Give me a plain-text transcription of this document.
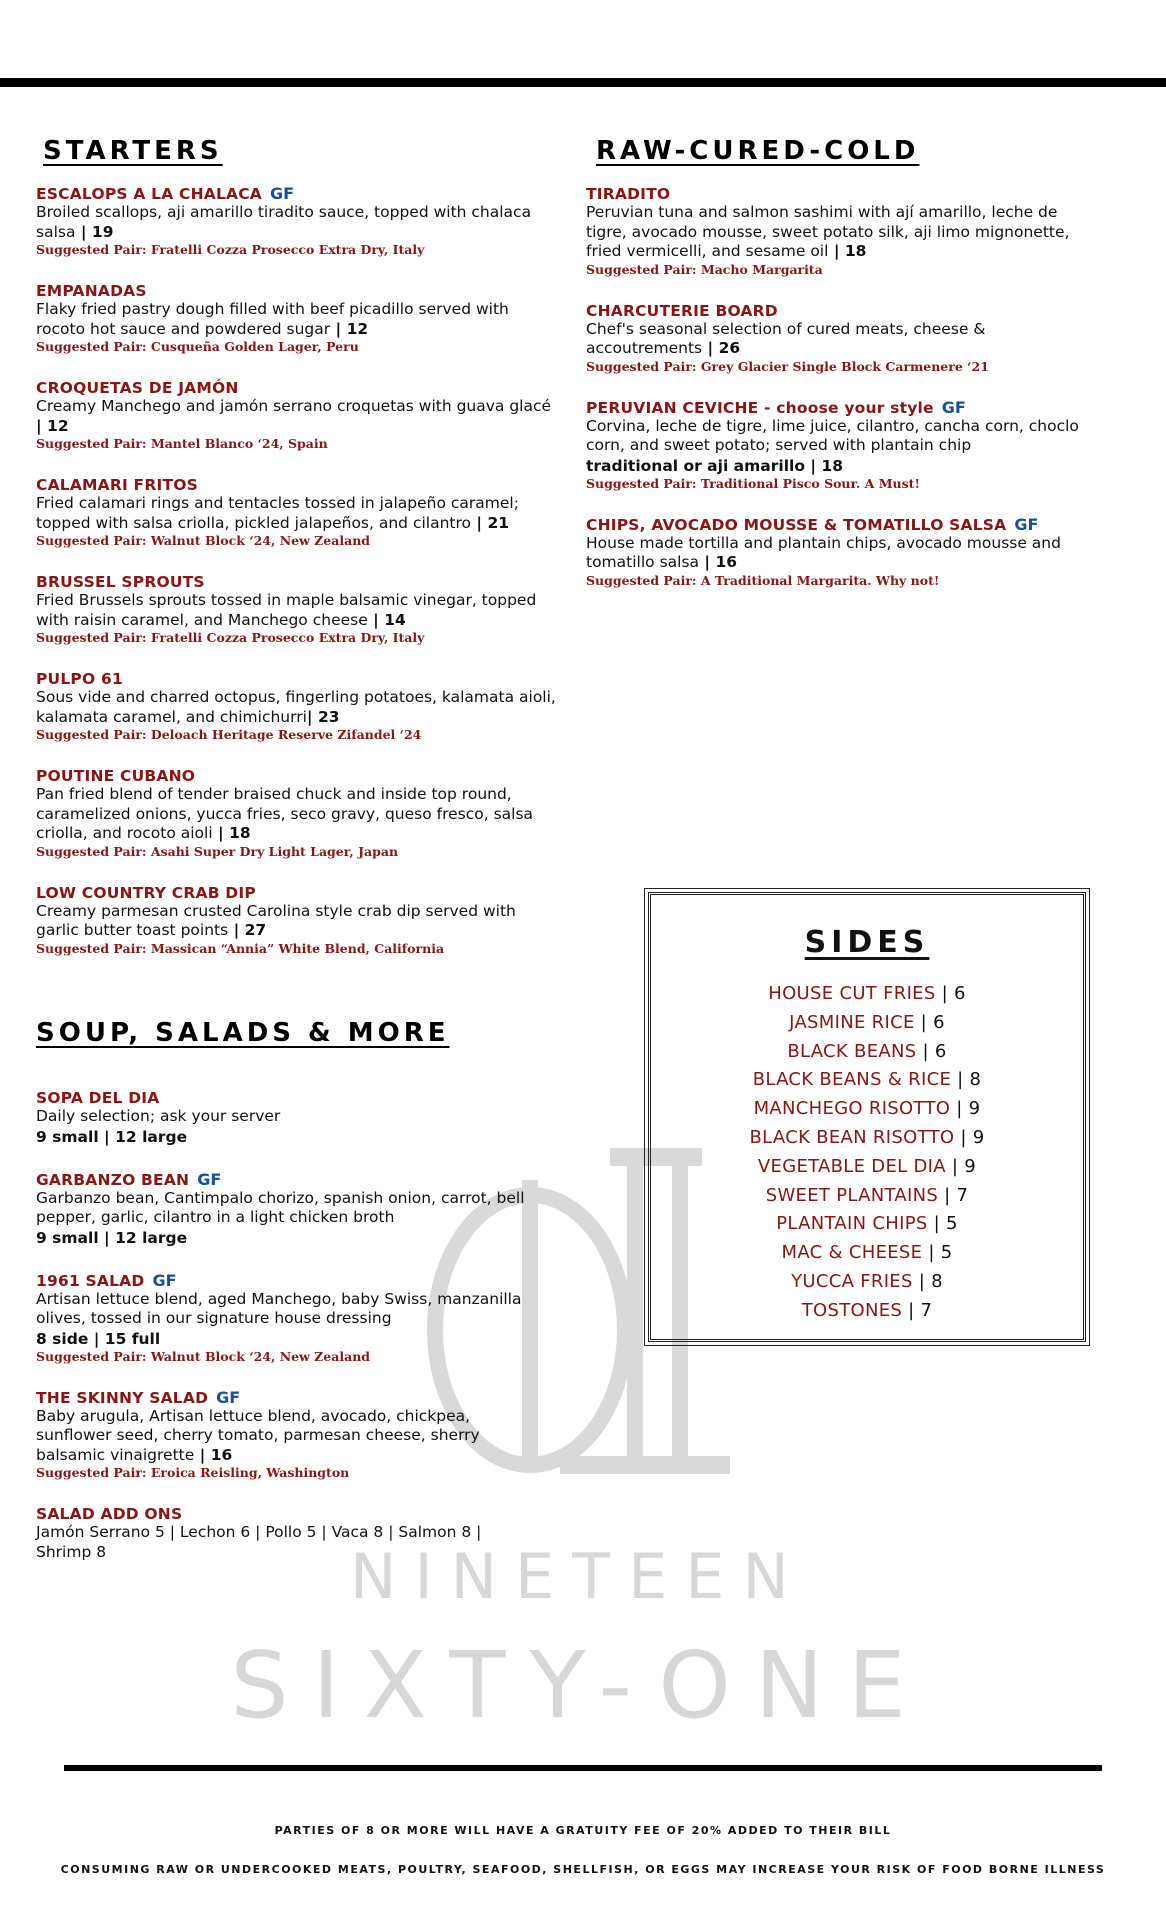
NINETEEN
SIXTY-ONE
STARTERS
ESCALOPS A LA CHALACA GF
Broiled scallops, aji amarillo tiradito sauce, topped with chalaca salsa | 19
Suggested Pair: Fratelli Cozza Prosecco Extra Dry, Italy
EMPANADAS
Flaky fried pastry dough filled with beef picadillo served with rocoto hot sauce and powdered sugar | 12
Suggested Pair: Cusqueña Golden Lager, Peru
CROQUETAS DE JAMÓN
Creamy Manchego and jamón serrano croquetas with guava glacé | 12
Suggested Pair: Mantel Blanco ‘24, Spain
CALAMARI FRITOS
Fried calamari rings and tentacles tossed in jalapeño caramel; topped with salsa criolla, pickled jalapeños, and cilantro | 21
Suggested Pair: Walnut Block ‘24, New Zealand
BRUSSEL SPROUTS
Fried Brussels sprouts tossed in maple balsamic vinegar, topped with raisin caramel, and Manchego cheese | 14
Suggested Pair: Fratelli Cozza Prosecco Extra Dry, Italy
PULPO 61
Sous vide and charred octopus, fingerling potatoes, kalamata aioli, kalamata caramel, and chimichurri| 23
Suggested Pair: Deloach Heritage Reserve Zifandel ‘24
POUTINE CUBANO
Pan fried blend of tender braised chuck and inside top round, caramelized onions, yucca fries, seco gravy, queso fresco, salsa criolla, and rocoto aioli | 18
Suggested Pair: Asahi Super Dry Light Lager, Japan
LOW COUNTRY CRAB DIP
Creamy parmesan crusted Carolina style crab dip served with garlic butter toast points | 27
Suggested Pair: Massican “Annia” White Blend, California
RAW-CURED-COLD
TIRADITO
Peruvian tuna and salmon sashimi with ají amarillo, leche de tigre, avocado mousse, sweet potato silk, aji limo mignonette, fried vermicelli, and sesame oil | 18
Suggested Pair: Macho Margarita
CHARCUTERIE BOARD
Chef's seasonal selection of cured meats, cheese & accoutrements | 26
Suggested Pair: Grey Glacier Single Block Carmenere ‘21
PERUVIAN CEVICHE - choose your style GF
Corvina, leche de tigre, lime juice, cilantro, cancha corn, choclo corn, and sweet potato; served with plantain chip
traditional or aji amarillo | 18
Suggested Pair: Traditional Pisco Sour. A Must!
CHIPS, AVOCADO MOUSSE & TOMATILLO SALSA GF
House made tortilla and plantain chips, avocado mousse and tomatillo salsa | 16
Suggested Pair: A Traditional Margarita. Why not!
SOUP, SALADS & MORE
SOPA DEL DIA
Daily selection; ask your server
9 small | 12 large
GARBANZO BEAN GF
Garbanzo bean, Cantimpalo chorizo, spanish onion, carrot, bell pepper, garlic, cilantro in a light chicken broth
9 small | 12 large
1961 SALAD GF
Artisan lettuce blend, aged Manchego, baby Swiss, manzanilla olives, tossed in our signature house dressing
8 side | 15 full
Suggested Pair: Walnut Block ‘24, New Zealand
THE SKINNY SALAD GF
Baby arugula, Artisan lettuce blend, avocado, chickpea, sunflower seed, cherry tomato, parmesan cheese, sherry balsamic vinaigrette | 16
Suggested Pair: Eroica Reisling, Washington
SALAD ADD ONS
Jamón Serrano 5 | Lechon 6 | Pollo 5 | Vaca 8 | Salmon 8 | Shrimp 8
SIDES
HOUSE CUT FRIES | 6
JASMINE RICE | 6
BLACK BEANS | 6
BLACK BEANS & RICE | 8
MANCHEGO RISOTTO | 9
BLACK BEAN RISOTTO | 9
VEGETABLE DEL DIA | 9
SWEET PLANTAINS | 7
PLANTAIN CHIPS | 5
MAC & CHEESE | 5
YUCCA FRIES | 8
TOSTONES | 7
PARTIES OF 8 OR MORE WILL HAVE A GRATUITY FEE OF 20% ADDED TO THEIR BILL
CONSUMING RAW OR UNDERCOOKED MEATS, POULTRY, SEAFOOD, SHELLFISH, OR EGGS MAY INCREASE YOUR RISK OF FOOD BORNE ILLNESS
